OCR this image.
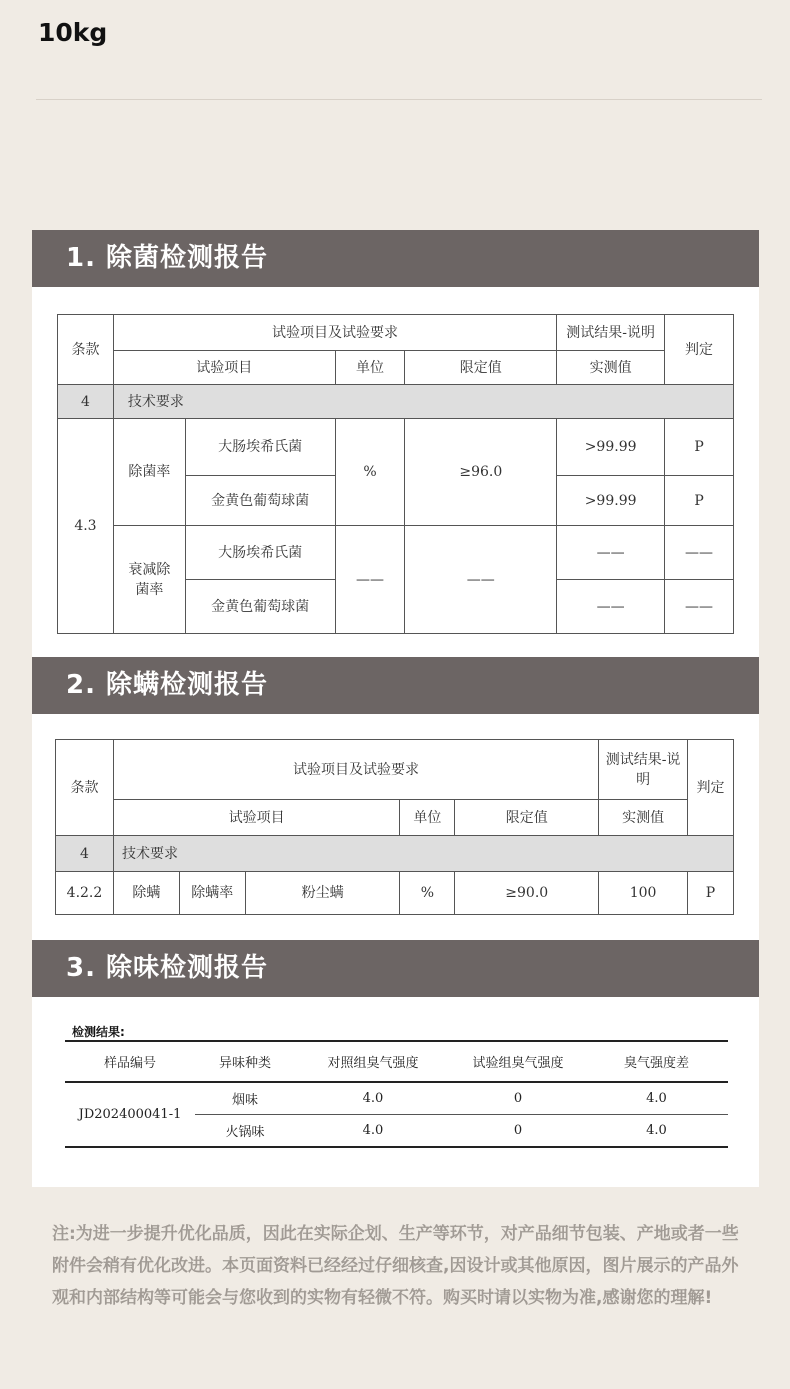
10kg
1. 除菌检测报告
条款	试验项目及试验要求				测试结果-说明	判定
	试验项目		单位	限定值	实测值	
4	技术要求					
4.3	除菌率	大肠埃希氏菌	%	≥96.0	>99.99	P
		金黄色葡萄球菌			>99.99	P
	衰减除菌率	大肠埃希氏菌	——	——	——	——
		金黄色葡萄球菌			——	——
2. 除螨检测报告
条款	试验项目及试验要求					测试结果-说明	判定
	试验项目			单位	限定值	实测值	
4	技术要求						
4.2.2	除螨	除螨率	粉尘螨	%	≥90.0	100	P
3. 除味检测报告
检测结果:
样品编号	异味种类	对照组臭气强度	试验组臭气强度	臭气强度差
JD202400041-1	烟味	4.0	0	4.0
	火锅味	4.0	0	4.0
注:为进一步提升优化品质，因此在实际企划、生产等环节，对产品细节包装、产地或者一些附件会稍有优化改进。本页面资料已经经过仔细核查,因设计或其他原因，图片展示的产品外观和内部结构等可能会与您收到的实物有轻微不符。购买时请以实物为准,感谢您的理解!
